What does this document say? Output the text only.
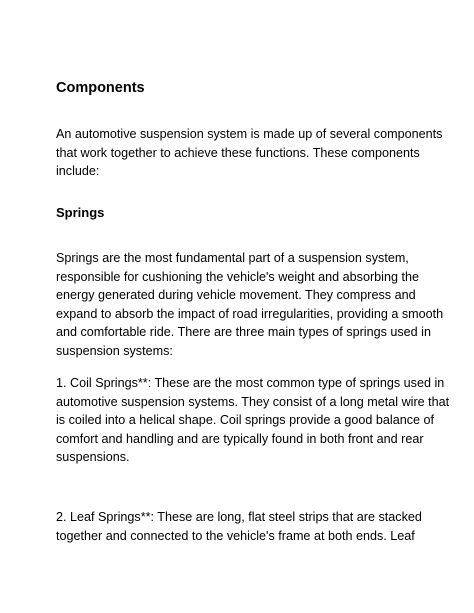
Components
An automotive suspension system is made up of several components
that work together to achieve these functions. These components
include:
Springs
Springs are the most fundamental part of a suspension system,
responsible for cushioning the vehicle's weight and absorbing the
energy generated during vehicle movement. They compress and
expand to absorb the impact of road irregularities, providing a smooth
and comfortable ride. There are three main types of springs used in
suspension systems:
1. Coil Springs**: These are the most common type of springs used in
automotive suspension systems. They consist of a long metal wire that
is coiled into a helical shape. Coil springs provide a good balance of
comfort and handling and are typically found in both front and rear
suspensions.
2. Leaf Springs**: These are long, flat steel strips that are stacked
together and connected to the vehicle's frame at both ends. Leaf
